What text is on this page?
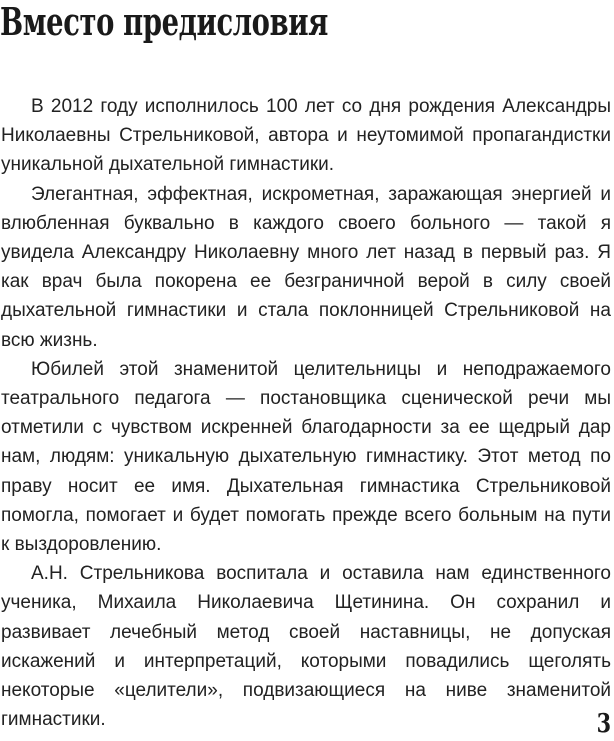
Вместо предисловия

В 2012 году исполнилось 100 лет со дня рождения Александры Николаевны Стрельниковой, автора и неутомимой пропагандистки уникальной дыхательной гимнастики.

Элегантная, эффектная, искрометная, заражающая энергией и влюбленная буквально в каждого своего больного — такой я увидела Александру Николаевну много лет назад в первый раз. Я как врач была покорена ее безграничной верой в силу своей дыхательной гимнастики и стала поклонницей Стрельниковой на всю жизнь.

Юбилей этой знаменитой целительницы и неподражаемого театрального педагога — постановщика сценической речи мы отметили с чувством искренней благодарности за ее щедрый дар нам, людям: уникальную дыхательную гимнастику. Этот метод по праву носит ее имя. Дыхательная гимнастика Стрельниковой помогла, помогает и будет помогать прежде всего больным на пути к выздоровлению.

А.Н. Стрельникова воспитала и оставила нам единственного ученика, Михаила Николаевича Щетинина. Он сохранил и развивает лечебный метод своей наставницы, не допуская искажений и интерпретаций, которыми повадились щеголять некоторые «целители», подвизающиеся на ниве знаменитой гимнастики.	3
